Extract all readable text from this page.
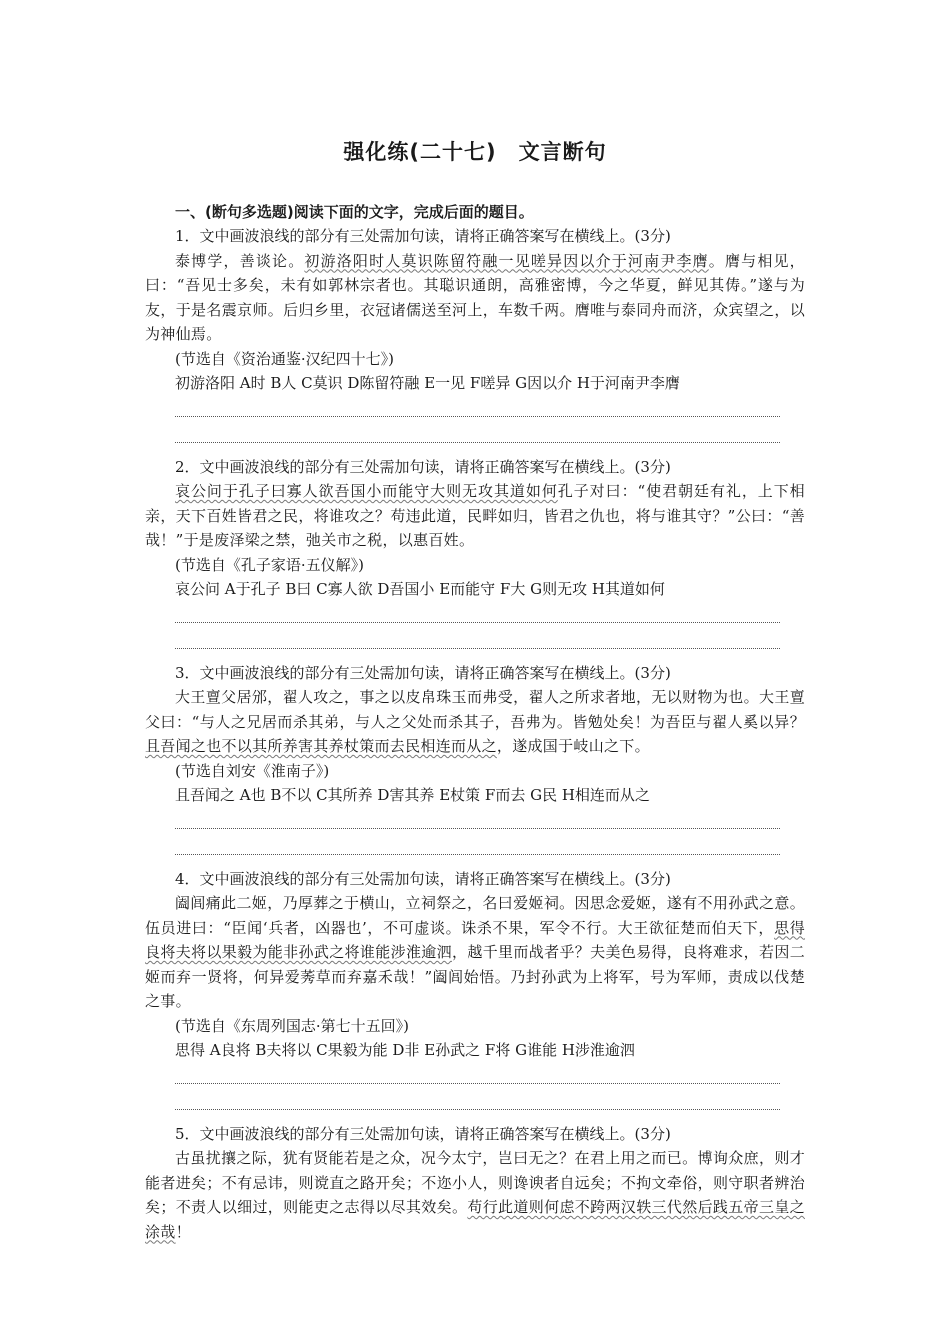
强化练(二十七)　文言断句
一、(断句多选题)阅读下面的文字，完成后面的题目。
1．文中画波浪线的部分有三处需加句读，请将正确答案写在横线上。(3分)
泰博学，善谈论。初游洛阳时人莫识陈留符融一见嗟异因以介于河南尹李膺。膺与相见，曰：“吾见士多矣，未有如郭林宗者也。其聪识通朗，高雅密博，今之华夏，鲜见其俦。”遂与为友，于是名震京师。后归乡里，衣冠诸儒送至河上，车数千两。膺唯与泰同舟而济，众宾望之，以为神仙焉。
(节选自《资治通鉴·汉纪四十七》)
初游洛阳 A时 B人 C莫识 D陈留符融 E一见 F嗟异 G因以介 H于河南尹李膺
2．文中画波浪线的部分有三处需加句读，请将正确答案写在横线上。(3分)
哀公问于孔子曰寡人欲吾国小而能守大则无攻其道如何孔子对曰：“使君朝廷有礼，上下相亲，天下百姓皆君之民，将谁攻之？苟违此道，民畔如归，皆君之仇也，将与谁其守？”公曰：“善哉！”于是废泽梁之禁，弛关市之税，以惠百姓。
(节选自《孔子家语·五仪解》)
哀公问 A于孔子 B曰 C寡人欲 D吾国小 E而能守 F大 G则无攻 H其道如何
3．文中画波浪线的部分有三处需加句读，请将正确答案写在横线上。(3分)
大王亶父居邠，翟人攻之，事之以皮帛珠玉而弗受，翟人之所求者地，无以财物为也。大王亶父曰：“与人之兄居而杀其弟，与人之父处而杀其子，吾弗为。皆勉处矣！为吾臣与翟人奚以异？且吾闻之也不以其所养害其养杖策而去民相连而从之，遂成国于岐山之下。
(节选自刘安《淮南子》)
且吾闻之 A也 B不以 C其所养 D害其养 E杖策 F而去 G民 H相连而从之
4．文中画波浪线的部分有三处需加句读，请将正确答案写在横线上。(3分)
阖闾痛此二姬，乃厚葬之于横山，立祠祭之，名曰爱姬祠。因思念爱姬，遂有不用孙武之意。伍员进曰：“臣闻‘兵者，凶器也’，不可虚谈。诛杀不果，军令不行。大王欲征楚而伯天下，思得良将夫将以果毅为能非孙武之将谁能涉淮逾泗，越千里而战者乎？夫美色易得，良将难求，若因二姬而弃一贤将，何异爱莠草而弃嘉禾哉！”阖闾始悟。乃封孙武为上将军，号为军师，责成以伐楚之事。
(节选自《东周列国志·第七十五回》)
思得 A良将 B夫将以 C果毅为能 D非 E孙武之 F将 G谁能 H涉淮逾泗
5．文中画波浪线的部分有三处需加句读，请将正确答案写在横线上。(3分)
古虽扰攘之际，犹有贤能若是之众，况今太宁，岂曰无之？在君上用之而已。博询众庶，则才能者进矣；不有忌讳，则谠直之路开矣；不迩小人，则谗谀者自远矣；不拘文牵俗，则守职者辨治矣；不责人以细过，则能吏之志得以尽其效矣。苟行此道则何虑不跨两汉轶三代然后践五帝三皇之涂哉！
